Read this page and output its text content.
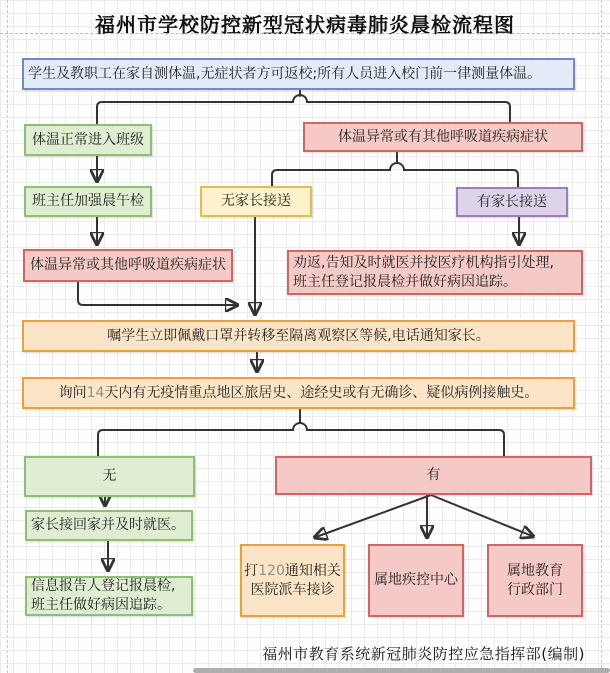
福州市学校防控新型冠状病毒肺炎晨检流程图
学生及教职工在家自测体温,无症状者方可返校;所有人员进入校门前一律测量体温。
体温正常进入班级	体温异常或有其他呼吸道疾病症状
班主任加强晨午检	无家长接送	有家长接送
体温异常或其他呼吸道疾病症状	劝返,告知及时就医并按医疗机构指引处理,
班主任登记报晨检并做好病因追踪。
嘱学生立即佩戴口罩并转移至隔离观察区等候,电话通知家长。
询问14天内有无疫情重点地区旅居史、途经史或有无确诊、疑似病例接触史。
无	有
家长接回家并及时就医。
信息报告人登记报晨检,
班主任做好病因追踪。
打120通知相关
医院派车接诊
属地疾控中心
属地教育
行政部门
福州市教育系统新冠肺炎防控应急指挥部(编制)
